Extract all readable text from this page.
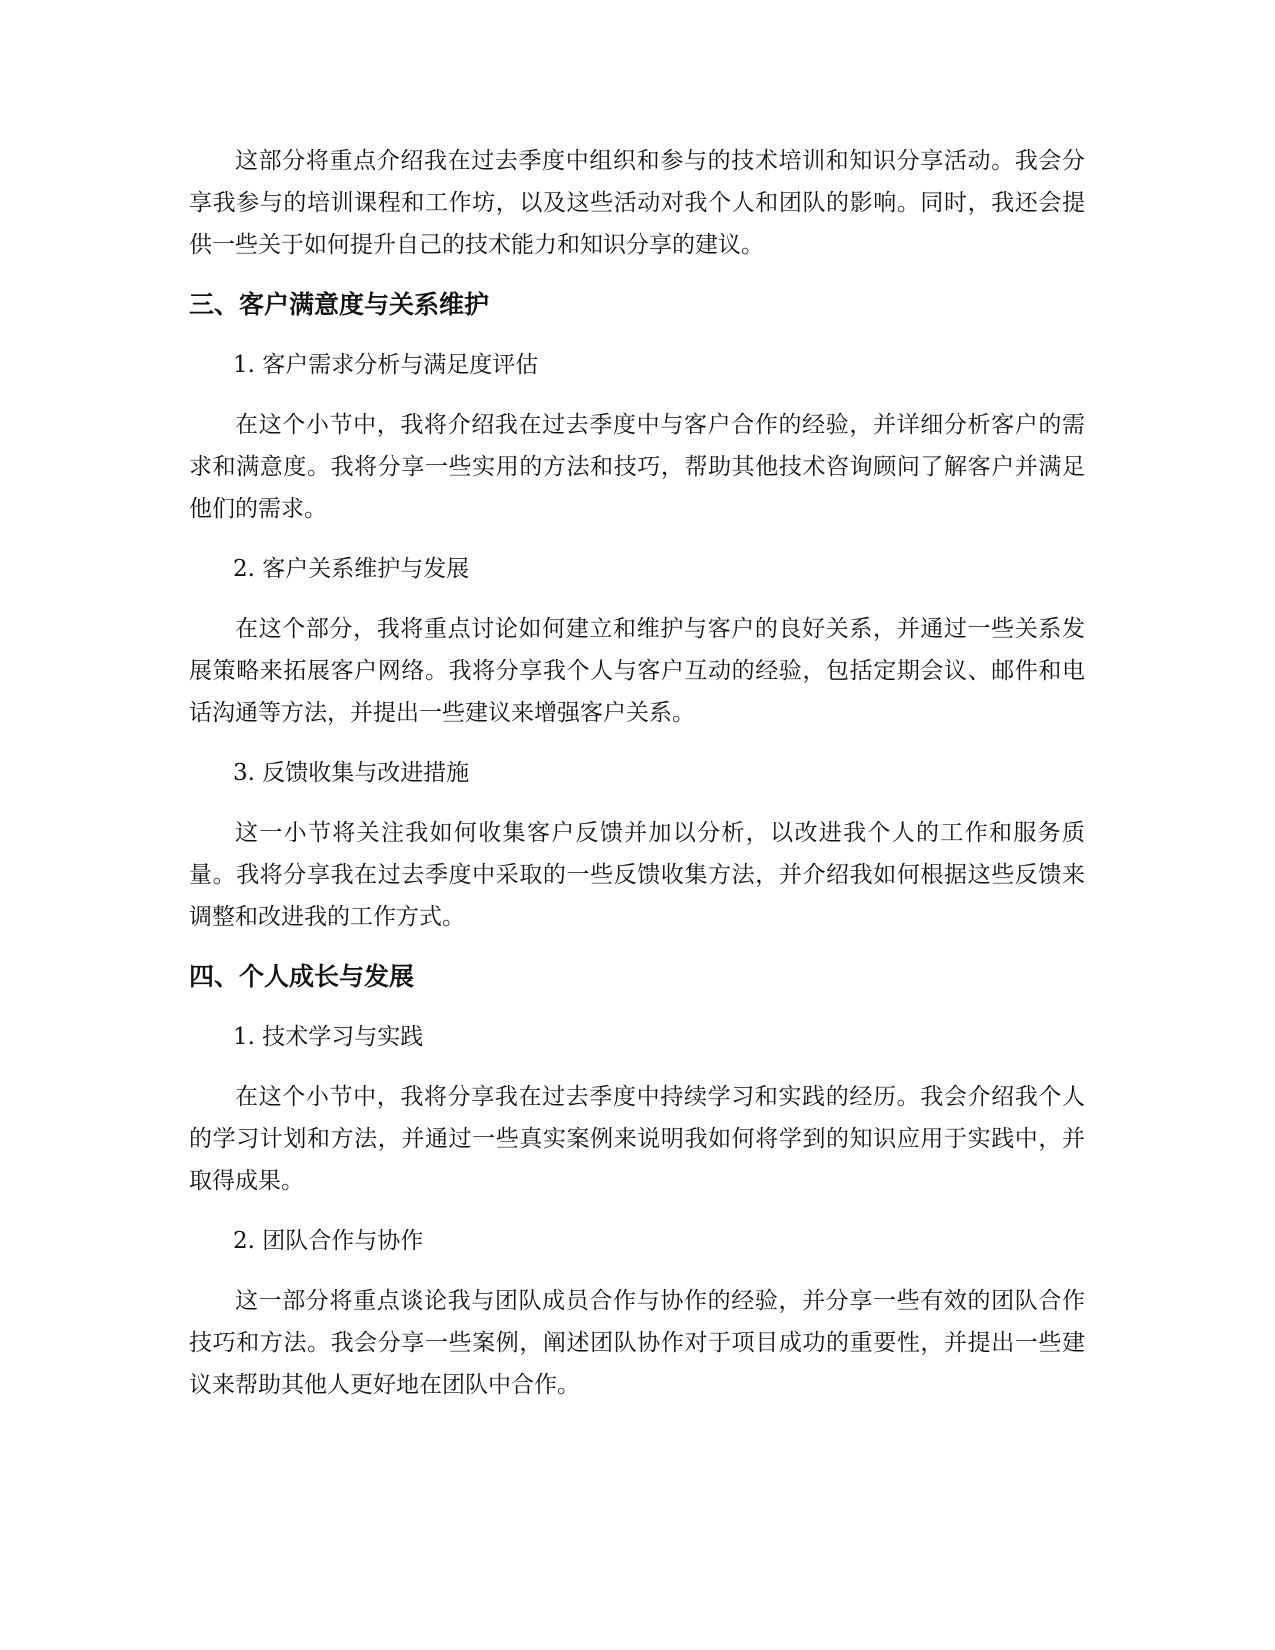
这部分将重点介绍我在过去季度中组织和参与的技术培训和知识分享活动。我会分享我参与的培训课程和工作坊，以及这些活动对我个人和团队的影响。同时，我还会提供一些关于如何提升自己的技术能力和知识分享的建议。

三、客户满意度与关系维护

1. 客户需求分析与满足度评估

在这个小节中，我将介绍我在过去季度中与客户合作的经验，并详细分析客户的需求和满意度。我将分享一些实用的方法和技巧，帮助其他技术咨询顾问了解客户并满足他们的需求。

2. 客户关系维护与发展

在这个部分，我将重点讨论如何建立和维护与客户的良好关系，并通过一些关系发展策略来拓展客户网络。我将分享我个人与客户互动的经验，包括定期会议、邮件和电话沟通等方法，并提出一些建议来增强客户关系。

3. 反馈收集与改进措施

这一小节将关注我如何收集客户反馈并加以分析，以改进我个人的工作和服务质量。我将分享我在过去季度中采取的一些反馈收集方法，并介绍我如何根据这些反馈来调整和改进我的工作方式。

四、个人成长与发展

1. 技术学习与实践

在这个小节中，我将分享我在过去季度中持续学习和实践的经历。我会介绍我个人的学习计划和方法，并通过一些真实案例来说明我如何将学到的知识应用于实践中，并取得成果。

2. 团队合作与协作

这一部分将重点谈论我与团队成员合作与协作的经验，并分享一些有效的团队合作技巧和方法。我会分享一些案例，阐述团队协作对于项目成功的重要性，并提出一些建议来帮助其他人更好地在团队中合作。
